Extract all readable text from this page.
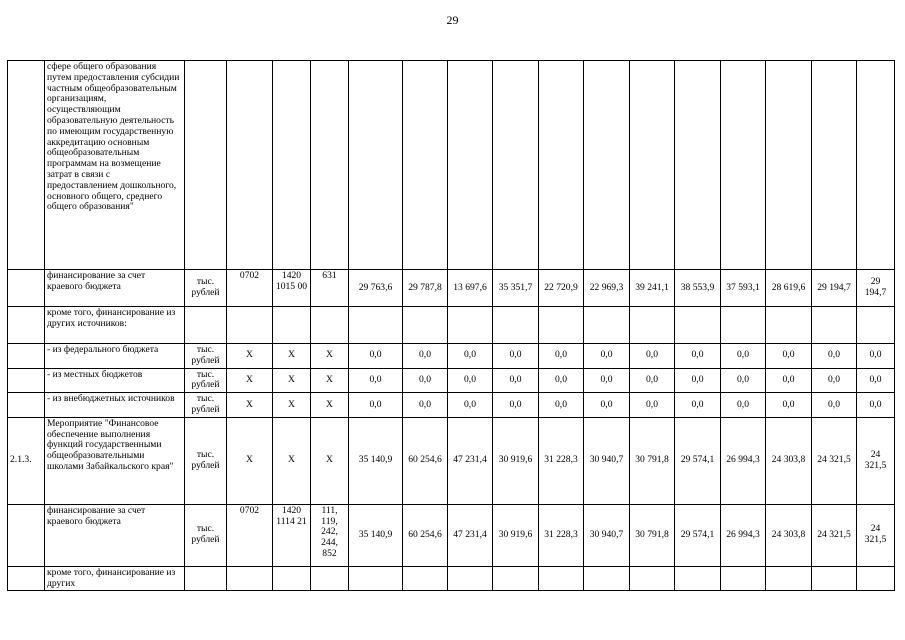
29
	сфере общего образования путем предоставления субсидии частным общеобразовательным организациям, осуществляющим образовательную деятельность по имеющим государственную аккредитацию основным общеобразовательным программам на возмещение затрат в связи с предоставлением дошкольного, основного общего, среднего общего образования"																
	финансирование за счет краевого бюджета	тыс. рублей	0702	1420 1015 00	631	29 763,6	29 787,8	13 697,6	35 351,7	22 720,9	22 969,3	39 241,1	38 553,9	37 593,1	28 619,6	29 194,7	29 194,7
	кроме того, финансирование из других источников:																
	- из федерального бюджета	тыс. рублей	X	X	X	0,0	0,0	0,0	0,0	0,0	0,0	0,0	0,0	0,0	0,0	0,0	0,0
	- из местных бюджетов	тыс. рублей	X	X	X	0,0	0,0	0,0	0,0	0,0	0,0	0,0	0,0	0,0	0,0	0,0	0,0
	- из внебюджетных источников	тыс. рублей	X	X	X	0,0	0,0	0,0	0,0	0,0	0,0	0,0	0,0	0,0	0,0	0,0	0,0
2.1.3.	Мероприятие "Финансовое обеспечение выполнения функций государственными общеобразовательными школами Забайкальского края"	тыс. рублей	X	X	X	35 140,9	60 254,6	47 231,4	30 919,6	31 228,3	30 940,7	30 791,8	29 574,1	26 994,3	24 303,8	24 321,5	24 321,5
	финансирование за счет краевого бюджета	тыс. рублей	0702	1420 1114 21	111, 119, 242, 244, 852	35 140,9	60 254,6	47 231,4	30 919,6	31 228,3	30 940,7	30 791,8	29 574,1	26 994,3	24 303,8	24 321,5	24 321,5
	кроме того, финансирование из других																
